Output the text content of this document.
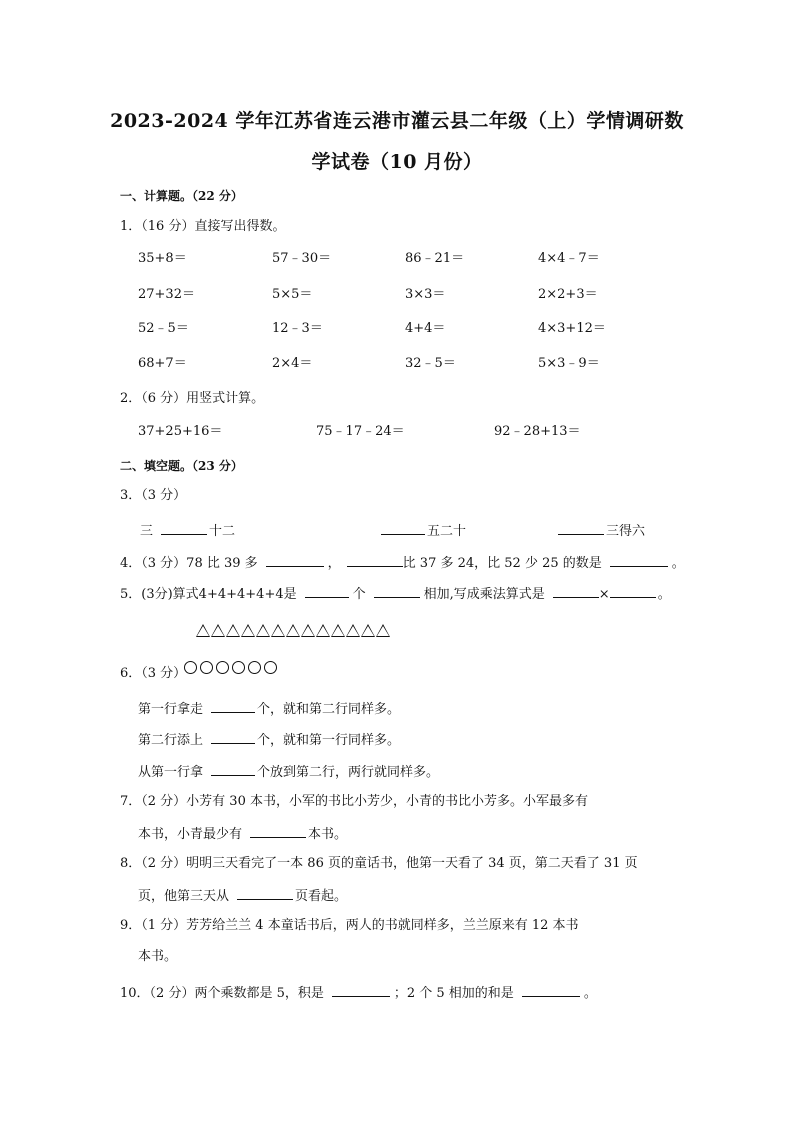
2023-2024 学年江苏省连云港市灌云县二年级（上）学情调研数
学试卷（10 月份）
一、计算题。（22 分）
1．（16 分）直接写出得数。
35+8＝	57﹣30＝	86﹣21＝	4×4﹣7＝
27+32＝	5×5＝	3×3＝	2×2+3＝
52﹣5＝	12﹣3＝	4+4＝	4×3+12＝
68+7＝	2×4＝	32﹣5＝	5×3﹣9＝
2．（6 分）用竖式计算。
37+25+16＝	75﹣17﹣24＝	92﹣28+13＝
二、填空题。（23 分）
3．（3 分）
三	十二	五二十	三得六
4．（3 分）78 比 39 多	，	比 37 多 24，比 52 少 25 的数是	。
5．(3分)算式4+4+4+4+4是	个	相加,写成乘法算式是	×	。
6．（3 分）
第一行拿走	个，就和第二行同样多。
第二行添上	个，就和第一行同样多。
从第一行拿	个放到第二行，两行就同样多。
7．（2 分）小芳有 30 本书，小军的书比小芳少，小青的书比小芳多。小军最多有
本书，小青最少有	本书。
8．（2 分）明明三天看完了一本 86 页的童话书，他第一天看了 34 页，第二天看了 31 页
页，他第三天从	页看起。
9．（1 分）芳芳给兰兰 4 本童话书后，两人的书就同样多，兰兰原来有 12 本书
本书。
10．（2 分）两个乘数都是 5，积是	；2 个 5 相加的和是	。
